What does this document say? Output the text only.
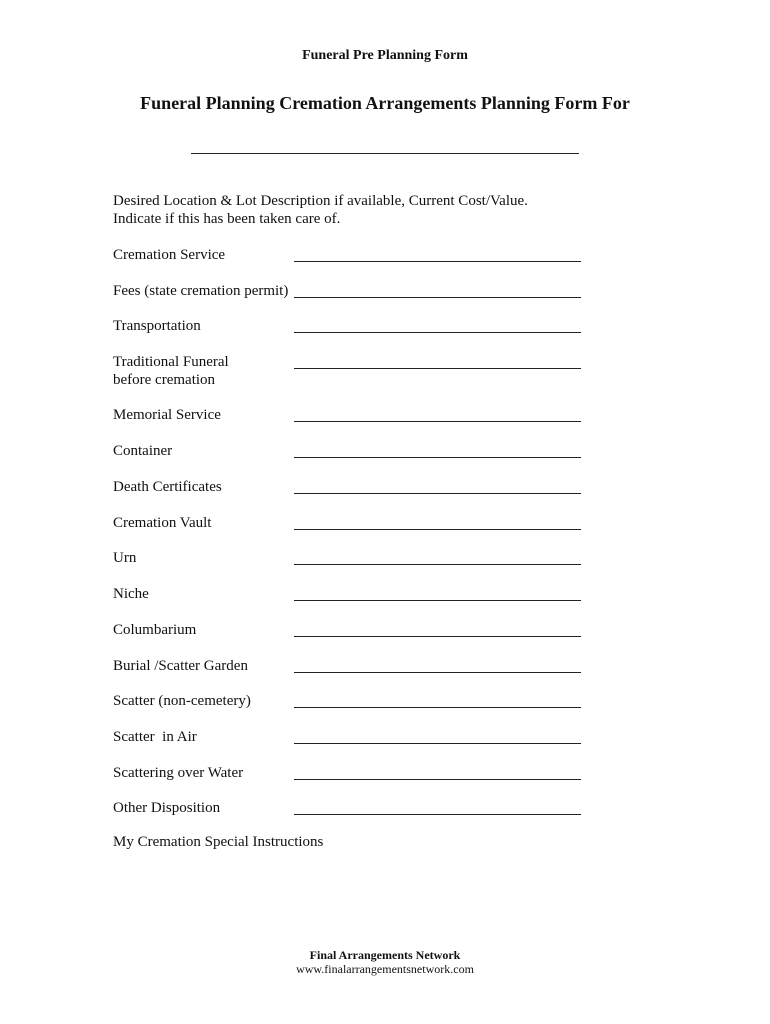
Funeral Pre Planning Form
Funeral Planning Cremation Arrangements Planning Form For
Desired Location & Lot Description if available, Current Cost/Value.
Indicate if this has been taken care of.
Cremation Service
Fees (state cremation permit)
Transportation
Traditional Funeral before cremation
Memorial Service
Container
Death Certificates
Cremation Vault
Urn
Niche
Columbarium
Burial /Scatter Garden
Scatter (non-cemetery)
Scatter  in Air
Scattering over Water
Other Disposition
My Cremation Special Instructions
Final Arrangements Network
www.finalarrangementsnetwork.com
